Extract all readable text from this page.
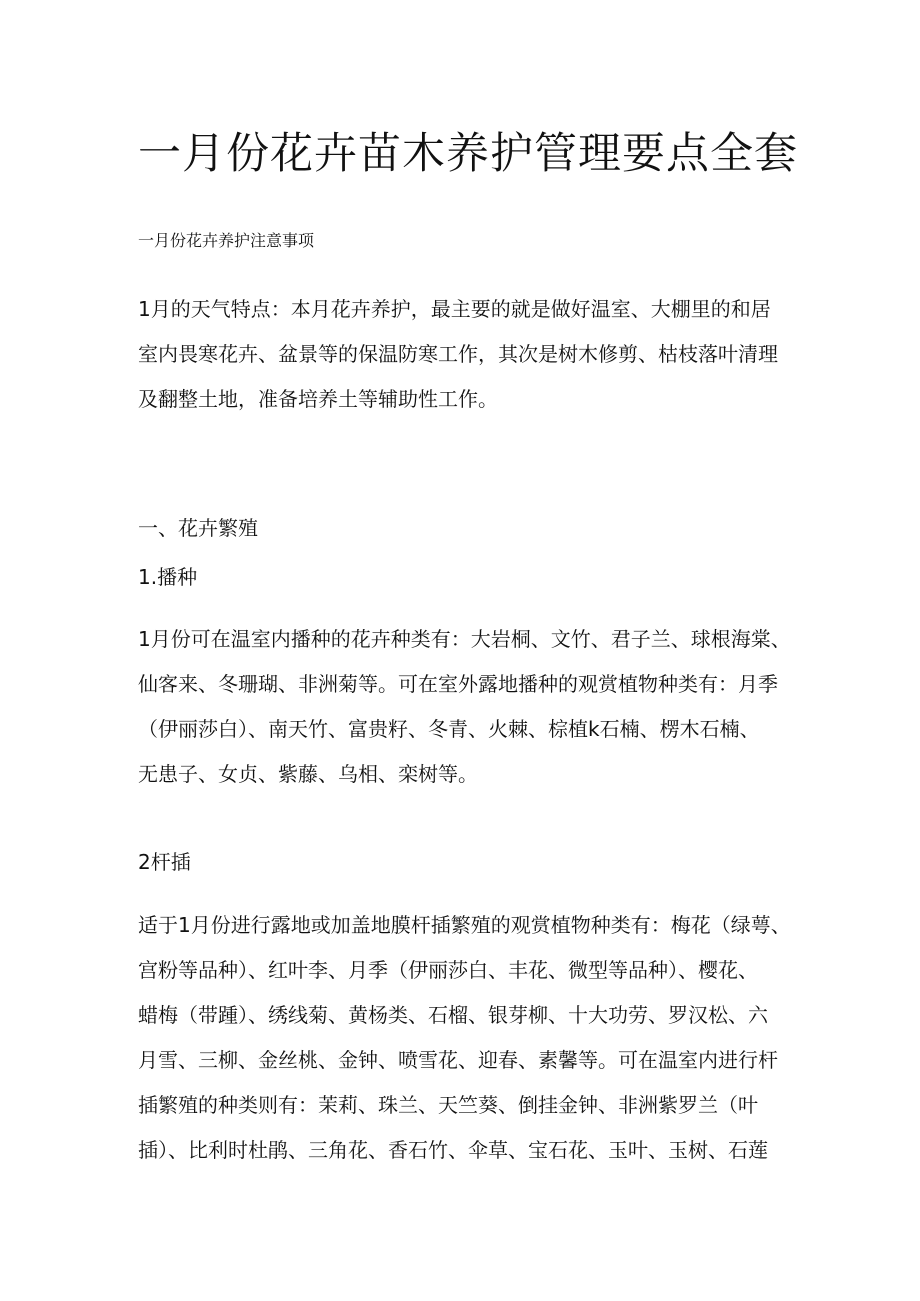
一月份花卉苗木养护管理要点全套
一月份花卉养护注意事项
1月的天气特点：本月花卉养护，最主要的就是做好温室、大棚里的和居
室内畏寒花卉、盆景等的保温防寒工作，其次是树木修剪、枯枝落叶清理
及翻整土地，准备培养土等辅助性工作。
一、花卉繁殖
1.播种
1月份可在温室内播种的花卉种类有：大岩桐、文竹、君子兰、球根海棠、
仙客来、冬珊瑚、非洲菊等。可在室外露地播种的观赏植物种类有：月季
（伊丽莎白）、南天竹、富贵籽、冬青、火棘、棕植k石楠、楞木石楠、
无患子、女贞、紫藤、乌相、栾树等。
2杆插
适于1月份进行露地或加盖地膜杆插繁殖的观赏植物种类有：梅花（绿萼、
宫粉等品种）、红叶李、月季（伊丽莎白、丰花、微型等品种）、樱花、
蜡梅（带踵）、绣线菊、黄杨类、石榴、银芽柳、十大功劳、罗汉松、六
月雪、三柳、金丝桃、金钟、喷雪花、迎春、素馨等。可在温室内进行杆
插繁殖的种类则有：茉莉、珠兰、天竺葵、倒挂金钟、非洲紫罗兰（叶
插）、比利时杜鹃、三角花、香石竹、伞草、宝石花、玉叶、玉树、石莲
